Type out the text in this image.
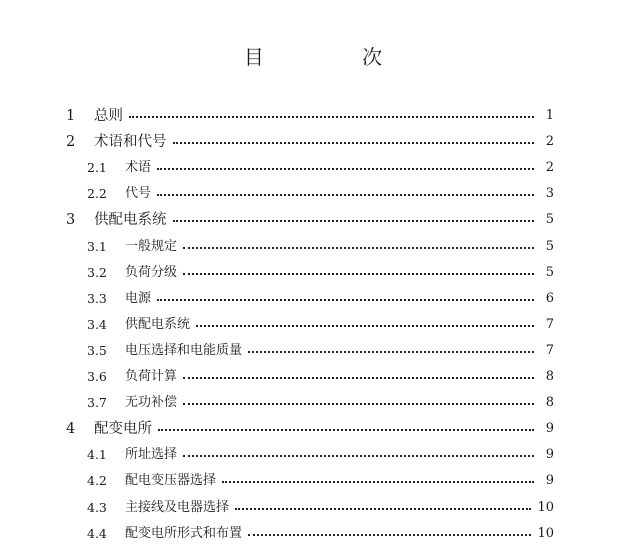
目 次
1	总则	1
2	术语和代号	2
2.1	术语	2
2.2	代号	3
3	供配电系统	5
3.1	一般规定	5
3.2	负荷分级	5
3.3	电源	6
3.4	供配电系统	7
3.5	电压选择和电能质量	7
3.6	负荷计算	8
3.7	无功补偿	8
4	配变电所	9
4.1	所址选择	9
4.2	配电变压器选择	9
4.3	主接线及电器选择	10
4.4	配变电所形式和布置	10
